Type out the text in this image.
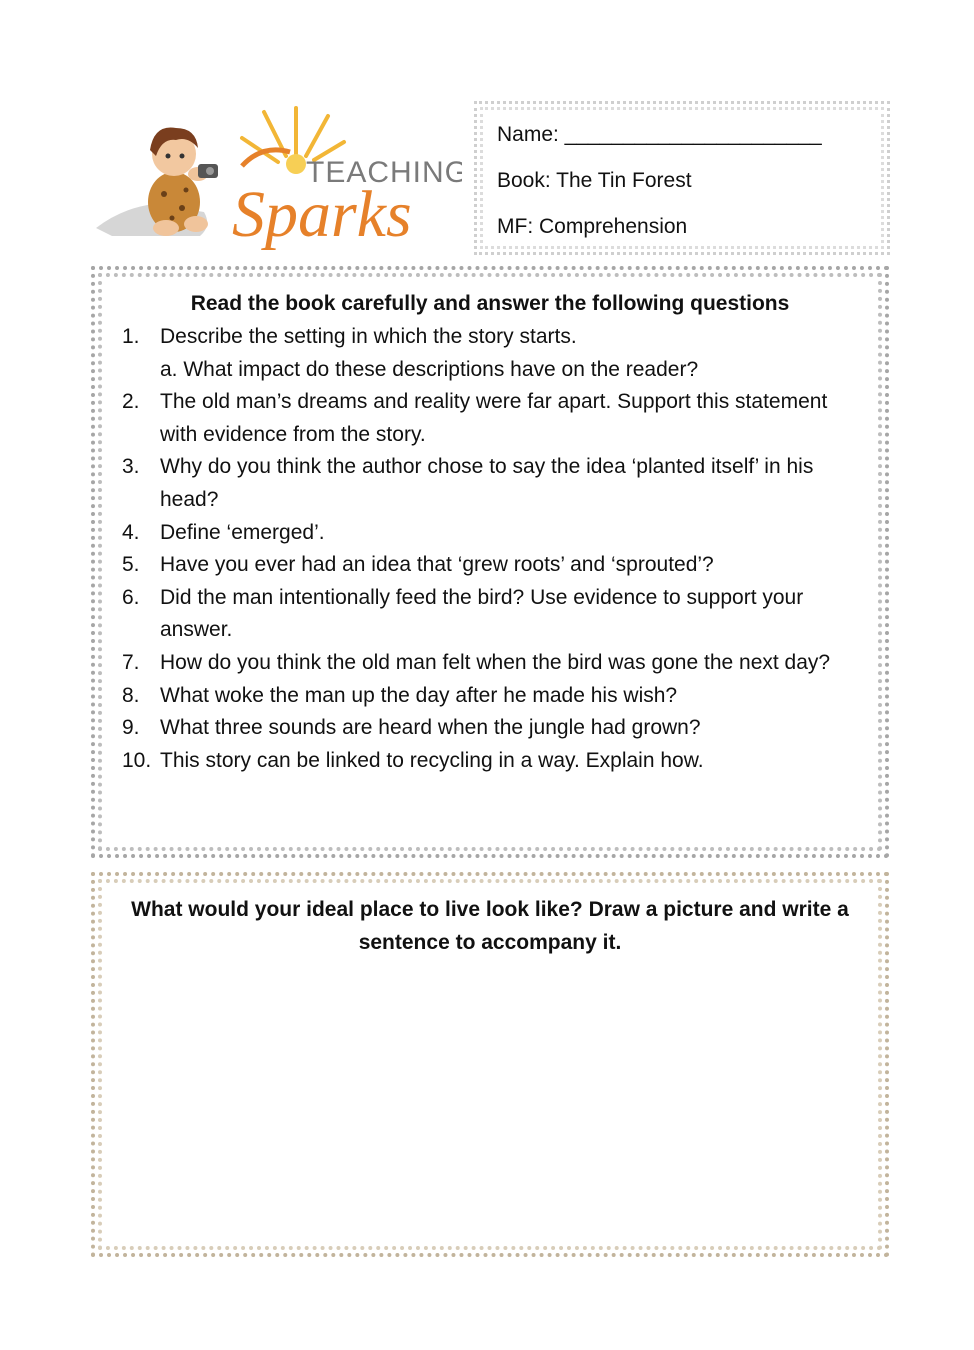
TEACHING
Sparks
Name: ______________________
Book: The Tin Forest
MF: Comprehension
Read the book carefully and answer the following questions
1. Describe the setting in which the story starts.
a. What impact do these descriptions have on the reader?
2. The old man’s dreams and reality were far apart. Support this statement with evidence from the story.
3. Why do you think the author chose to say the idea ‘planted itself’ in his head?
4. Define ‘emerged’.
5. Have you ever had an idea that ‘grew roots’ and ‘sprouted’?
6. Did the man intentionally feed the bird? Use evidence to support your answer.
7. How do you think the old man felt when the bird was gone the next day?
8. What woke the man up the day after he made his wish?
9. What three sounds are heard when the jungle had grown?
10. This story can be linked to recycling in a way. Explain how.
What would your ideal place to live look like? Draw a picture and write a sentence to accompany it.
